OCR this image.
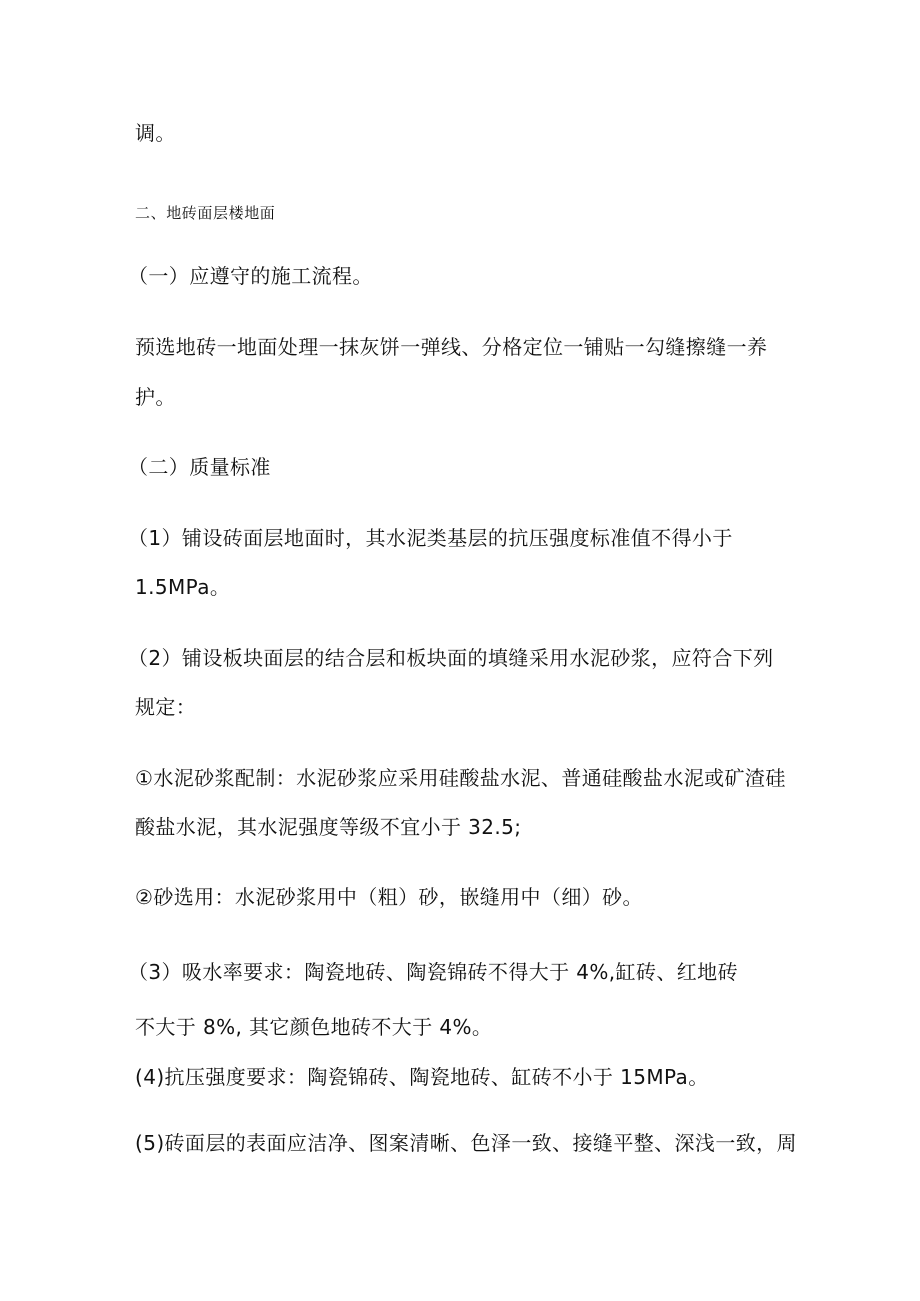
调。
二、地砖面层楼地面
（一）应遵守的施工流程。
预选地砖一地面处理一抹灰饼一弹线、分格定位一铺贴一勾缝擦缝一养
护。
（二）质量标准
（1）铺设砖面层地面时，其水泥类基层的抗压强度标准值不得小于
1.5MPa。
（2）铺设板块面层的结合层和板块面的填缝采用水泥砂浆，应符合下列
规定：
①水泥砂浆配制：水泥砂浆应采用硅酸盐水泥、普通硅酸盐水泥或矿渣硅
酸盐水泥，其水泥强度等级不宜小于 32.5;
②砂选用：水泥砂浆用中（粗）砂，嵌缝用中（细）砂。
（3）吸水率要求：陶瓷地砖、陶瓷锦砖不得大于 4%,缸砖、红地砖
不大于 8%, 其它颜色地砖不大于 4%。
(4)抗压强度要求：陶瓷锦砖、陶瓷地砖、缸砖不小于 15MPa。
(5)砖面层的表面应洁净、图案清晰、色泽一致、接缝平整、深浅一致，周
